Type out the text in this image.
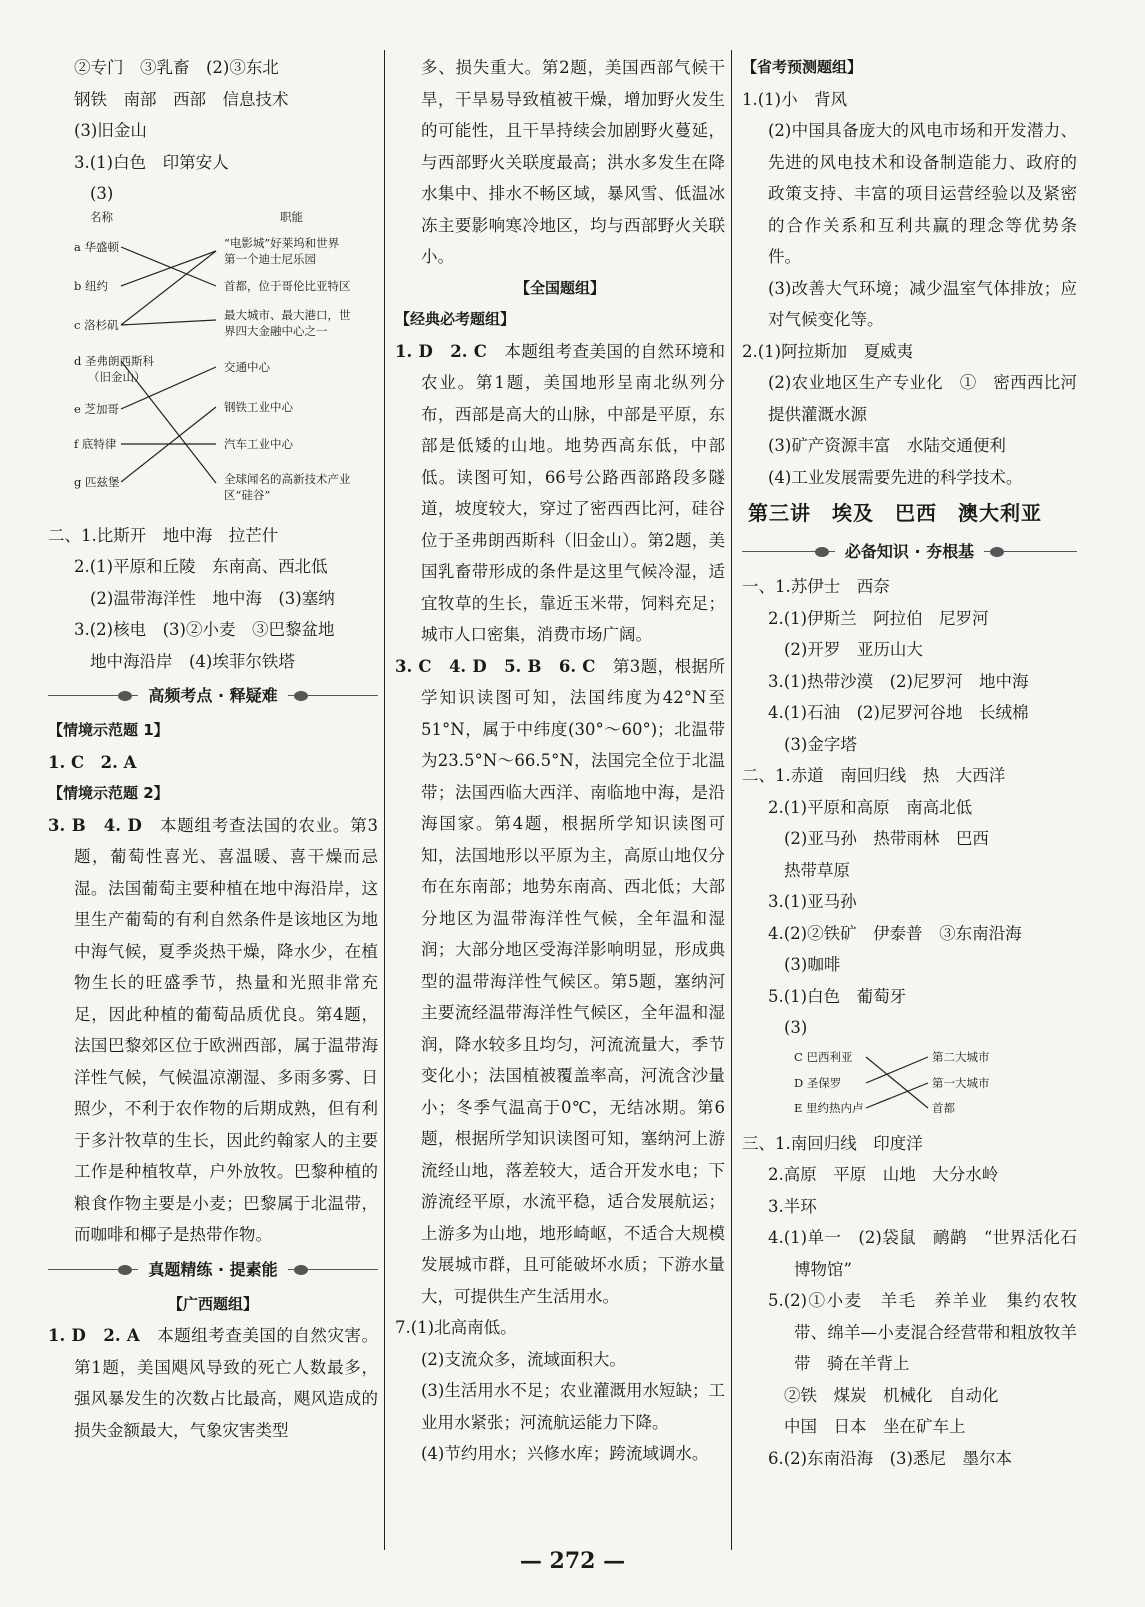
②专门　③乳畜　(2)③东北
钢铁　南部　西部　信息技术
(3)旧金山
3.(1)白色　印第安人
(3)
名称	职能
a 华盛顿
b 纽约
c 洛杉矶
d 圣弗朗西斯科
（旧金山）
e 芝加哥
f 底特律
g 匹兹堡
“电影城”好莱坞和世界
第一个迪士尼乐园
首都，位于哥伦比亚特区
最大城市、最大港口，世
界四大金融中心之一
交通中心
钢铁工业中心
汽车工业中心
全球闻名的高新技术产业
区“硅谷”
二、1.比斯开　地中海　拉芒什
2.(1)平原和丘陵　东南高、西北低
(2)温带海洋性　地中海　(3)塞纳
3.(2)核电　(3)②小麦　③巴黎盆地
地中海沿岸　(4)埃菲尔铁塔
高频考点 · 释疑难
【情境示范题 1】
1. C　2. A
【情境示范题 2】
3. B　4. D　 本题组考查法国的农业。第3题，葡萄性喜光、喜温暖、喜干燥而忌湿。法国葡萄主要种植在地中海沿岸，这里生产葡萄的有利自然条件是该地区为地中海气候，夏季炎热干燥，降水少，在植物生长的旺盛季节，热量和光照非常充足，因此种植的葡萄品质优良。第4题，法国巴黎郊区位于欧洲西部，属于温带海洋性气候，气候温凉潮湿、多雨多雾、日照少，不利于农作物的后期成熟，但有利于多汁牧草的生长，因此约翰家人的主要工作是种植牧草，户外放牧。巴黎种植的粮食作物主要是小麦；巴黎属于北温带，而咖啡和椰子是热带作物。
真题精练 · 提素能
【广西题组】
1. D　2. A　 本题组考查美国的自然灾害。第1题，美国飓风导致的死亡人数最多，强风暴发生的次数占比最高，飓风造成的损失金额最大，气象灾害类型
多、损失重大。第2题，美国西部气候干旱，干旱易导致植被干燥，增加野火发生的可能性，且干旱持续会加剧野火蔓延，与西部野火关联度最高；洪水多发生在降水集中、排水不畅区域，暴风雪、低温冰冻主要影响寒冷地区，均与西部野火关联小。
【全国题组】
【经典必考题组】
1. D　2. C　 本题组考查美国的自然环境和农业。第1题，美国地形呈南北纵列分布，西部是高大的山脉，中部是平原，东部是低矮的山地。地势西高东低，中部低。读图可知，66号公路西部路段多隧道，坡度较大，穿过了密西西比河，硅谷位于圣弗朗西斯科（旧金山）。第2题，美国乳畜带形成的条件是这里气候冷湿，适宜牧草的生长，靠近玉米带，饲料充足；城市人口密集，消费市场广阔。
3. C　4. D　5. B　6. C　 第3题，根据所学知识读图可知，法国纬度为42°N至51°N，属于中纬度(30°～60°)；北温带为23.5°N～66.5°N，法国完全位于北温带；法国西临大西洋、南临地中海，是沿海国家。第4题，根据所学知识读图可知，法国地形以平原为主，高原山地仅分布在东南部；地势东南高、西北低；大部分地区为温带海洋性气候，全年温和湿润；大部分地区受海洋影响明显，形成典型的温带海洋性气候区。第5题，塞纳河主要流经温带海洋性气候区，全年温和湿润，降水较多且均匀，河流流量大，季节变化小；法国植被覆盖率高，河流含沙量小；冬季气温高于0℃，无结冰期。第6题，根据所学知识读图可知，塞纳河上游流经山地，落差较大，适合开发水电；下游流经平原，水流平稳，适合发展航运；上游多为山地，地形崎岖，不适合大规模发展城市群，且可能破坏水质；下游水量大，可提供生产生活用水。
7.(1)北高南低。
(2)支流众多，流域面积大。
(3)生活用水不足；农业灌溉用水短缺；工业用水紧张；河流航运能力下降。
(4)节约用水；兴修水库；跨流域调水。
【省考预测题组】
1.(1)小　背风
(2)中国具备庞大的风电市场和开发潜力、先进的风电技术和设备制造能力、政府的政策支持、丰富的项目运营经验以及紧密的合作关系和互利共赢的理念等优势条件。
(3)改善大气环境；减少温室气体排放；应对气候变化等。
2.(1)阿拉斯加　夏威夷
(2)农业地区生产专业化　①　密西西比河　提供灌溉水源
(3)矿产资源丰富　水陆交通便利
(4)工业发展需要先进的科学技术。
第三讲　埃及　巴西　澳大利亚
必备知识 · 夯根基
一、1.苏伊士　西奈
2.(1)伊斯兰　阿拉伯　尼罗河
(2)开罗　亚历山大
3.(1)热带沙漠　(2)尼罗河　地中海
4.(1)石油　(2)尼罗河谷地　长绒棉
(3)金字塔
二、1.赤道　南回归线　热　大西洋
2.(1)平原和高原　南高北低
(2)亚马孙　热带雨林　巴西
热带草原
3.(1)亚马孙
4.(2)②铁矿　伊泰普　③东南沿海
(3)咖啡
5.(1)白色　葡萄牙
(3)
C 巴西利亚
D 圣保罗
E 里约热内卢
第二大城市
第一大城市
首都
三、1.南回归线　印度洋
2.高原　平原　山地　大分水岭
3.半环
4.(1)单一　(2)袋鼠　鸸鹋　“世界活化石博物馆”
5.(2)①小麦　羊毛　养羊业　集约农牧带、绵羊—小麦混合经营带和粗放牧羊带　骑在羊背上
②铁　煤炭　机械化　自动化
中国　日本　坐在矿车上
6.(2)东南沿海　(3)悉尼　墨尔本
— 272 —
